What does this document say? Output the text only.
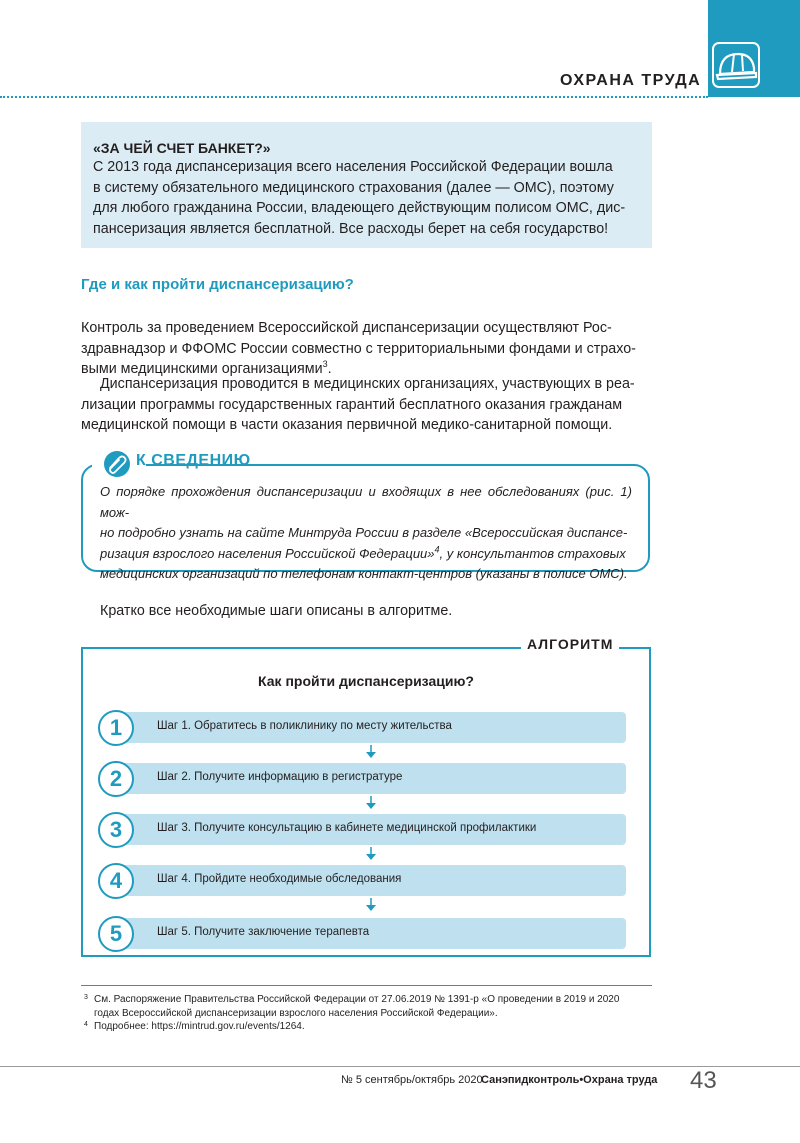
ОХРАНА ТРУДА
«ЗА ЧЕЙ СЧЕТ БАНКЕТ?»
С 2013 года диспансеризация всего населения Российской Федерации вошла
в систему обязательного медицинского страхования (далее — ОМС), поэтому
для любого гражданина России, владеющего действующим полисом ОМС, дис-
пансеризация является бесплатной. Все расходы берет на себя государство!
Где и как пройти диспансеризацию?
Контроль за проведением Всероссийской диспансеризации осуществляют Рос-
здравнадзор и ФФОМС России совместно с территориальными фондами и страхо-
выми медицинскими организациями$^3$.
Диспансеризация проводится в медицинских организациях, участвующих в реа-
лизации программы государственных гарантий бесплатного оказания гражданам
медицинской помощи в части оказания первичной медико-санитарной помощи.
К СВЕДЕНИЮ
О порядке прохождения диспансеризации и входящих в нее обследованиях (рис. 1) мож-
но подробно узнать на сайте Минтруда России в разделе «Всероссийская диспансе-
ризация взрослого населения Российской Федерации»$^4$, у консультантов страховых
медицинских организаций по телефонам контакт-центров (указаны в полисе ОМС).
Кратко все необходимые шаги описаны в алгоритме.
АЛГОРИТМ
Как пройти диспансеризацию?
Шаг 1. Обратитесь в поликлинику по месту жительства
1
Шаг 2. Получите информацию в регистратуре
2
Шаг 3. Получите консультацию в кабинете медицинской профилактики
3
Шаг 4. Пройдите необходимые обследования
4
Шаг 5. Получите заключение терапевта
5
3 См. Распоряжение Правительства Российской Федерации от 27.06.2019 № 1391-р «О проведении в 2019 и 2020
годах Всероссийской диспансеризации взрослого населения Российской Федерации».
4 Подробнее: https://mintrud.gov.ru/events/1264.
№ 5 сентябрь/октябрь 2020
Санэпидконтроль•Охрана труда 43
